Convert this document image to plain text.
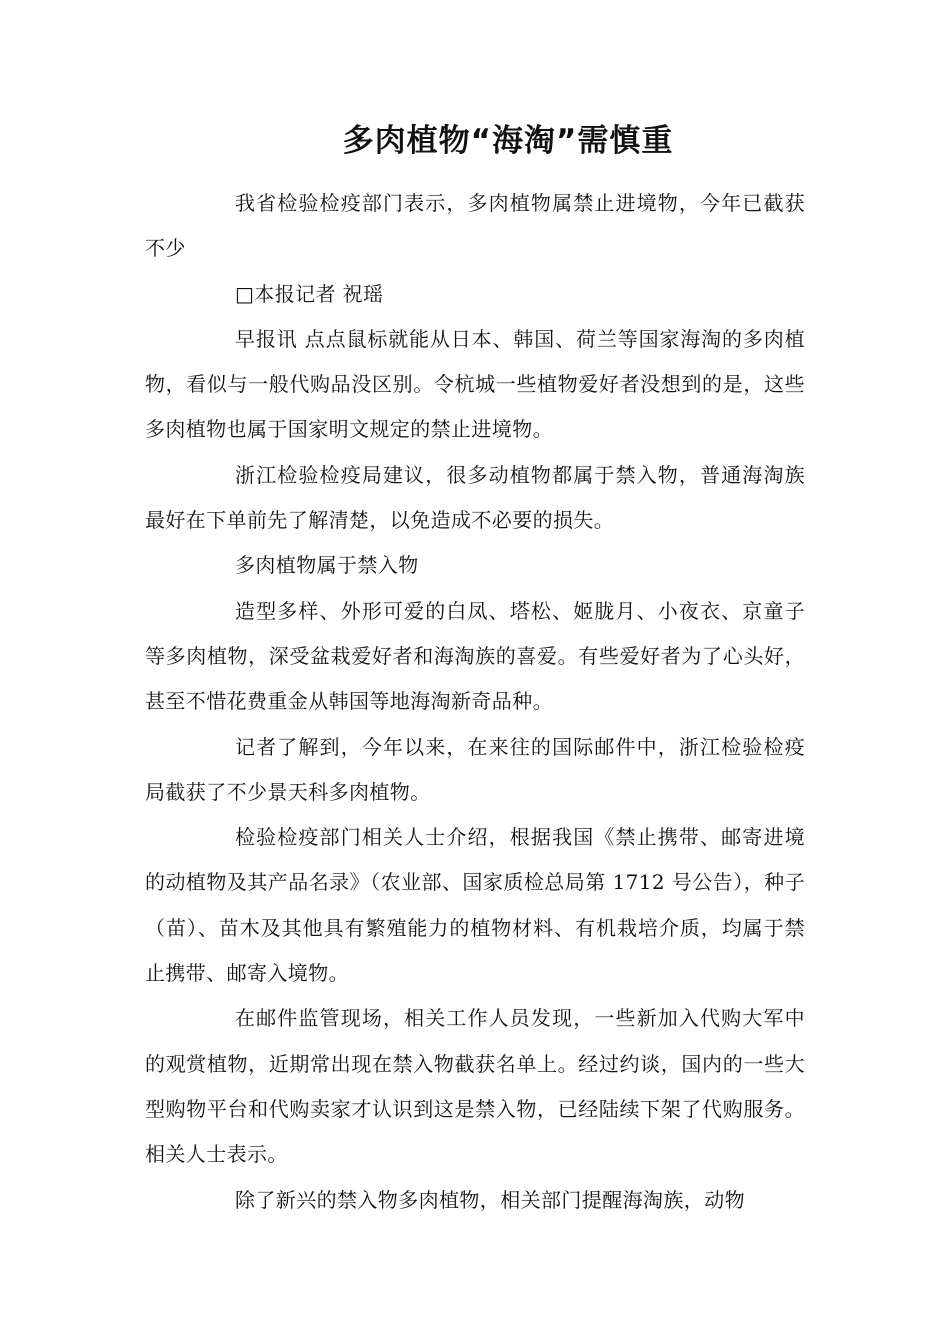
多肉植物“海淘”需慎重

我省检验检疫部门表示，多肉植物属禁止进境物，今年已截获不少

□本报记者 祝瑶

早报讯 点点鼠标就能从日本、韩国、荷兰等国家海淘的多肉植物，看似与一般代购品没区别。令杭城一些植物爱好者没想到的是，这些多肉植物也属于国家明文规定的禁止进境物。

浙江检验检疫局建议，很多动植物都属于禁入物，普通海淘族最好在下单前先了解清楚，以免造成不必要的损失。

多肉植物属于禁入物

造型多样、外形可爱的白凤、塔松、姬胧月、小夜衣、京童子等多肉植物，深受盆栽爱好者和海淘族的喜爱。有些爱好者为了心头好，甚至不惜花费重金从韩国等地海淘新奇品种。

记者了解到，今年以来，在来往的国际邮件中，浙江检验检疫局截获了不少景天科多肉植物。

检验检疫部门相关人士介绍，根据我国《禁止携带、邮寄进境的动植物及其产品名录》（农业部、国家质检总局第 1712 号公告），种子（苗）、苗木及其他具有繁殖能力的植物材料、有机栽培介质，均属于禁止携带、邮寄入境物。

在邮件监管现场，相关工作人员发现，一些新加入代购大军中的观赏植物，近期常出现在禁入物截获名单上。经过约谈，国内的一些大型购物平台和代购卖家才认识到这是禁入物，已经陆续下架了代购服务。相关人士表示。

除了新兴的禁入物多肉植物，相关部门提醒海淘族，动物
